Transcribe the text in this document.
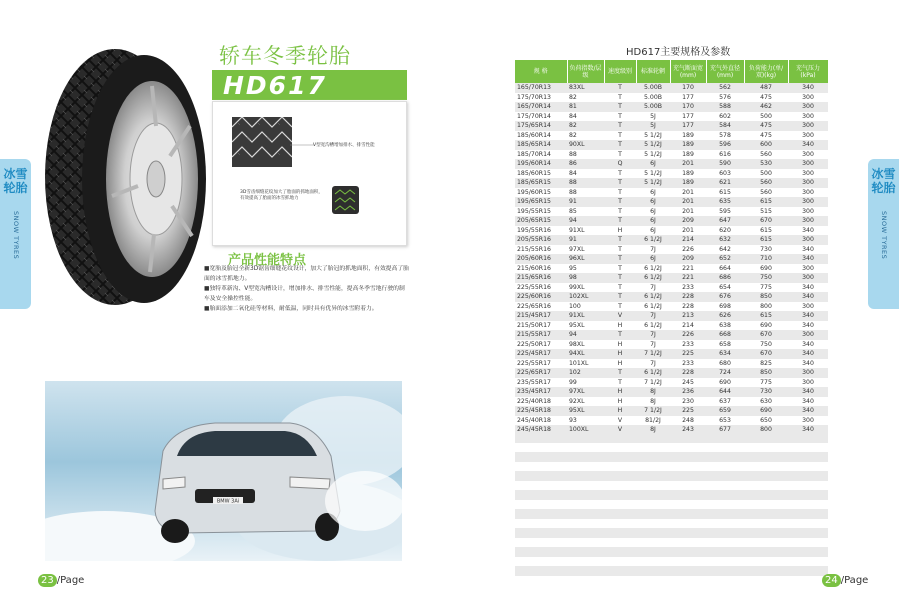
冰雪轮胎
SNOW TYRES
轿车冬季轮胎
HD617
V型宽沟槽增加排水、排雪性能
3D雪齿细缝花纹加大了胎面的抓地面积，有效提高了胎面的冰雪抓地力
产品性能特点
■宽胎及胎冠全新3D锯齿细缝花纹设计，加大了胎冠的抓地面积，有效提高了胎面的冰雪抓地力。
■独特革新沟、V型宽沟槽设计，增加排水、排雪性能，提高冬季雪地行驶的制车及安全操控性能。
■胎面添加二氧化硅等材料，耐低温，同时具有优异的冰雪附着力。
BMW 3Ai
23 /Page
HD617主要规格及参数
规 格	负荷指数/层级	速度级别	标准轮辋	充气断面宽(mm)	充气外直径(mm)	负荷能力(单/双)(kg)	充气压力(kPa)
165/70R13	83XL	T	5.00B	170	562	487	340
175/70R13	82	T	5.00B	177	576	475	300
165/70R14	81	T	5.00B	170	588	462	300
175/70R14	84	T	5J	177	602	500	300
175/65R14	82	T	5J	177	584	475	300
185/60R14	82	T	5 1/2J	189	578	475	300
185/65R14	90XL	T	5 1/2J	189	596	600	340
185/70R14	88	T	5 1/2J	189	616	560	300
195/60R14	86	Q	6J	201	590	530	300
185/60R15	84	T	5 1/2J	189	603	500	300
185/65R15	88	T	5 1/2J	189	621	560	300
195/60R15	88	T	6J	201	615	560	300
195/65R15	91	T	6J	201	635	615	300
195/55R15	85	T	6J	201	595	515	300
205/65R15	94	T	6J	209	647	670	300
195/55R16	91XL	H	6J	201	620	615	340
205/55R16	91	T	6 1/2J	214	632	615	300
215/55R16	97XL	T	7J	226	642	730	340
205/60R16	96XL	T	6J	209	652	710	340
215/60R16	95	T	6 1/2J	221	664	690	300
215/65R16	98	T	6 1/2J	221	686	750	300
225/55R16	99XL	T	7J	233	654	775	340
225/60R16	102XL	T	6 1/2J	228	676	850	340
225/65R16	100	T	6 1/2J	228	698	800	300
215/45R17	91XL	V	7J	213	626	615	340
215/50R17	95XL	H	6 1/2J	214	638	690	340
215/55R17	94	T	7J	226	668	670	300
225/50R17	98XL	H	7J	233	658	750	340
225/45R17	94XL	H	7 1/2J	225	634	670	340
225/55R17	101XL	H	7J	233	680	825	340
225/65R17	102	T	6 1/2J	228	724	850	300
235/55R17	99	T	7 1/2J	245	690	775	300
235/45R17	97XL	H	8J	236	644	730	340
225/40R18	92XL	H	8J	230	637	630	340
225/45R18	95XL	H	7 1/2J	225	659	690	340
245/40R18	93	V	81/2J	248	653	650	300
245/45R18	100XL	V	8J	243	677	800	340
冰雪轮胎
SNOW TYRES
24 /Page
